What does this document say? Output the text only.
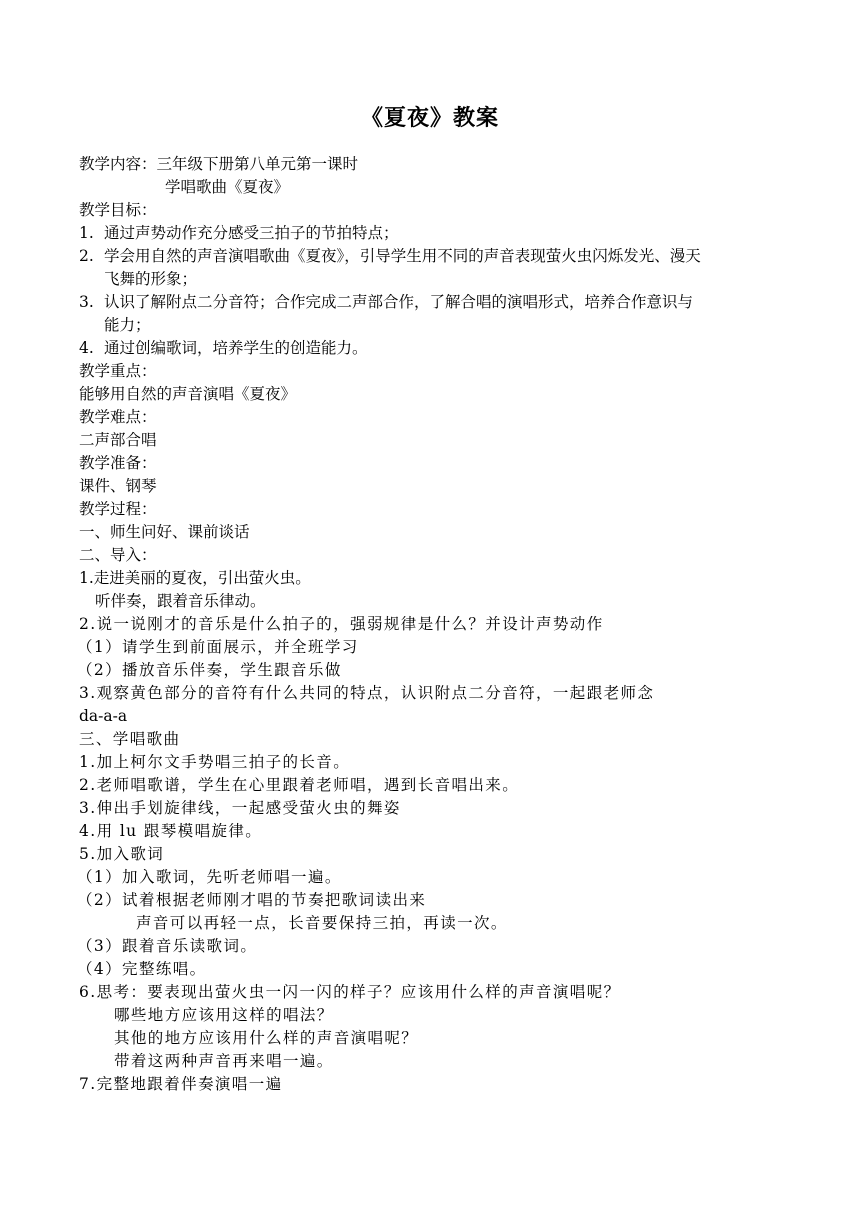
《夏夜》教案

教学内容：三年级下册第八单元第一课时

学唱歌曲《夏夜》

教学目标：

1. 通过声势动作充分感受三拍子的节拍特点；

2. 学会用自然的声音演唱歌曲《夏夜》，引导学生用不同的声音表现萤火虫闪烁发光、漫天

飞舞的形象；

3. 认识了解附点二分音符；合作完成二声部合作，了解合唱的演唱形式，培养合作意识与

能力；

4. 通过创编歌词，培养学生的创造能力。

教学重点：

能够用自然的声音演唱《夏夜》

教学难点：

二声部合唱

教学准备：

课件、钢琴

教学过程：

一、师生问好、课前谈话

二、导入：

1.走进美丽的夏夜，引出萤火虫。

听伴奏，跟着音乐律动。

2.说一说刚才的音乐是什么拍子的，强弱规律是什么？并设计声势动作

（1）请学生到前面展示，并全班学习

（2）播放音乐伴奏，学生跟音乐做

3.观察黄色部分的音符有什么共同的特点，认识附点二分音符，一起跟老师念

da-a-a

三、学唱歌曲

1.加上柯尔文手势唱三拍子的长音。

2.老师唱歌谱，学生在心里跟着老师唱，遇到长音唱出来。

3.伸出手划旋律线，一起感受萤火虫的舞姿

4.用 lu 跟琴模唱旋律。

5.加入歌词

（1）加入歌词，先听老师唱一遍。

（2）试着根据老师刚才唱的节奏把歌词读出来

声音可以再轻一点，长音要保持三拍，再读一次。

（3）跟着音乐读歌词。

（4）完整练唱。

6.思考：要表现出萤火虫一闪一闪的样子？应该用什么样的声音演唱呢？

哪些地方应该用这样的唱法？

其他的地方应该用什么样的声音演唱呢？

带着这两种声音再来唱一遍。

7.完整地跟着伴奏演唱一遍
